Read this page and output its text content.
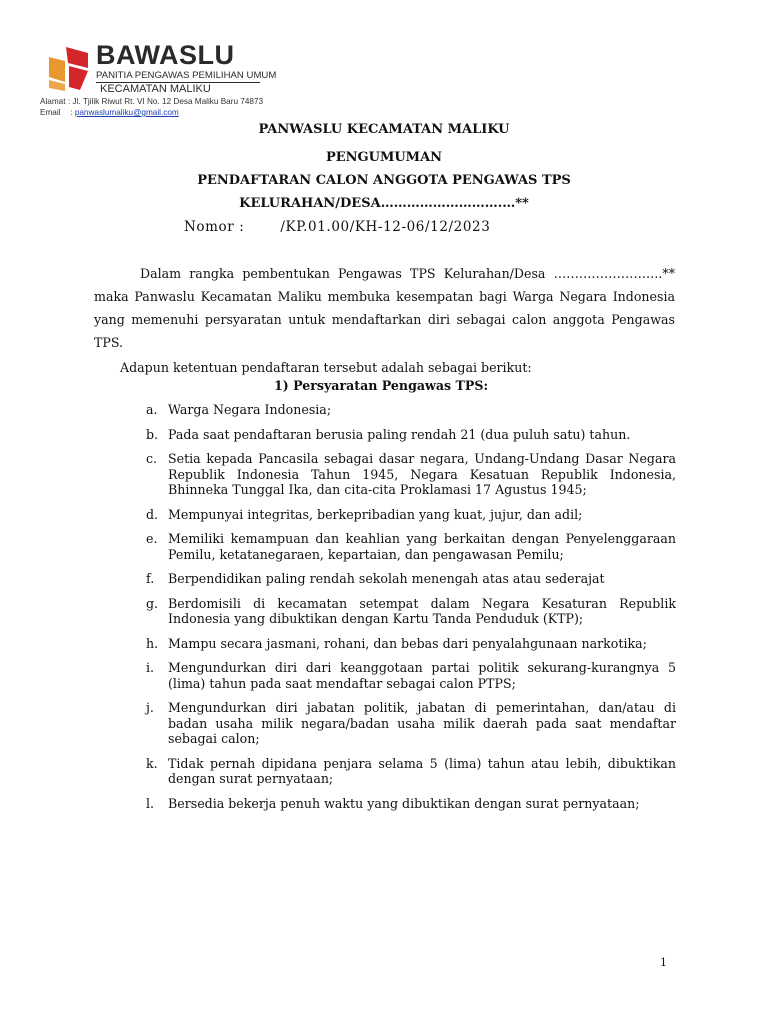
BAWASLU
PANITIA PENGAWAS PEMILIHAN UMUM
KECAMATAN MALIKU
Alamat : Jl. Tjilik Riwut Rt. VI No. 12 Desa Maliku Baru 74873
Email : panwaslumaliku@gmail.com
PANWASLU KECAMATAN MALIKU
PENGUMUMAN
PENDAFTARAN CALON ANGGOTA PENGAWAS TPS
KELURAHAN/DESA……………………….…**
Nomor :	/KP.01.00/KH-12-06/12/2023

Dalam rangka pembentukan Pengawas TPS Kelurahan/Desa ……………………..** maka Panwaslu Kecamatan Maliku membuka kesempatan bagi Warga Negara Indonesia yang memenuhi persyaratan untuk mendaftarkan diri sebagai calon anggota Pengawas TPS.

Adapun ketentuan pendaftaran tersebut adalah sebagai berikut:

1) Persyaratan Pengawas TPS:
a. Warga Negara Indonesia;
b. Pada saat pendaftaran berusia paling rendah 21 (dua puluh satu) tahun.
c. Setia kepada Pancasila sebagai dasar negara, Undang-Undang Dasar Negara Republik Indonesia Tahun 1945, Negara Kesatuan Republik Indonesia, Bhinneka Tunggal Ika, dan cita-cita Proklamasi 17 Agustus 1945;
d. Mempunyai integritas, berkepribadian yang kuat, jujur, dan adil;
e. Memiliki kemampuan dan keahlian yang berkaitan dengan Penyelenggaraan Pemilu, ketatanegaraen, kepartaian, dan pengawasan Pemilu;
f.	Berpendidikan paling rendah sekolah menengah atas atau sederajat
g. Berdomisili di kecamatan setempat dalam Negara Kesaturan Republik Indonesia yang dibuktikan dengan Kartu Tanda Penduduk (KTP);
h. Mampu secara jasmani, rohani, dan bebas dari penyalahgunaan narkotika;
i.	Mengundurkan diri dari keanggotaan partai politik sekurang-kurangnya 5 (lima) tahun pada saat mendaftar sebagai calon PTPS;
j.	Mengundurkan diri jabatan politik, jabatan di pemerintahan, dan/atau di badan usaha milik negara/badan usaha milik daerah pada saat mendaftar sebagai calon;
k. Tidak pernah dipidana penjara selama 5 (lima) tahun atau lebih, dibuktikan dengan surat pernyataan;
l.	Bersedia bekerja penuh waktu yang dibuktikan dengan surat pernyataan;
1
